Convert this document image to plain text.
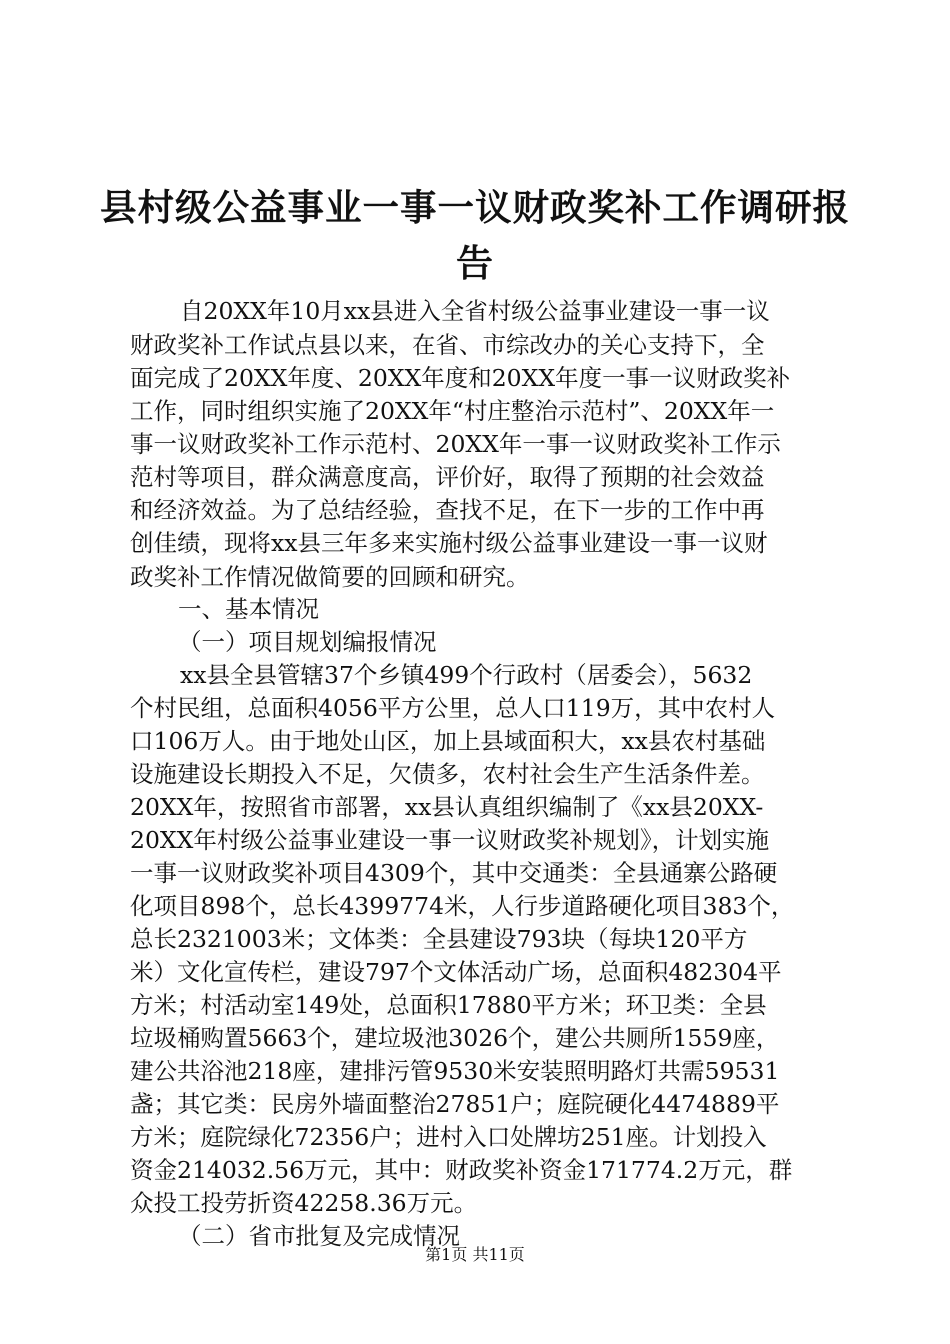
县村级公益事业一事一议财政奖补工作调研报
告
自20XX年10月xx县进入全省村级公益事业建设一事一议
财政奖补工作试点县以来，在省、市综改办的关心支持下，全
面完成了20XX年度、20XX年度和20XX年度一事一议财政奖补
工作，同时组织实施了20XX年“村庄整治示范村”、20XX年一
事一议财政奖补工作示范村、20XX年一事一议财政奖补工作示
范村等项目，群众满意度高，评价好，取得了预期的社会效益
和经济效益。为了总结经验，查找不足，在下一步的工作中再
创佳绩，现将xx县三年多来实施村级公益事业建设一事一议财
政奖补工作情况做简要的回顾和研究。
一、基本情况
（一）项目规划编报情况
xx县全县管辖37个乡镇499个行政村（居委会），5632
个村民组，总面积4056平方公里，总人口119万，其中农村人
口106万人。由于地处山区，加上县域面积大，xx县农村基础
设施建设长期投入不足，欠债多，农村社会生产生活条件差。
20XX年，按照省市部署，xx县认真组织编制了《xx县20XX-
20XX年村级公益事业建设一事一议财政奖补规划》，计划实施
一事一议财政奖补项目4309个，其中交通类：全县通寨公路硬
化项目898个，总长4399774米，人行步道路硬化项目383个，
总长2321003米；文体类：全县建设793块（每块120平方
米）文化宣传栏，建设797个文体活动广场，总面积482304平
方米；村活动室149处，总面积17880平方米；环卫类：全县
垃圾桶购置5663个，建垃圾池3026个，建公共厕所1559座，
建公共浴池218座，建排污管9530米安装照明路灯共需59531
盏；其它类：民房外墙面整治27851户；庭院硬化4474889平
方米；庭院绿化72356户；进村入口处牌坊251座。计划投入
资金214032.56万元，其中：财政奖补资金171774.2万元，群
众投工投劳折资42258.36万元。
（二）省市批复及完成情况
第1页 共11页
